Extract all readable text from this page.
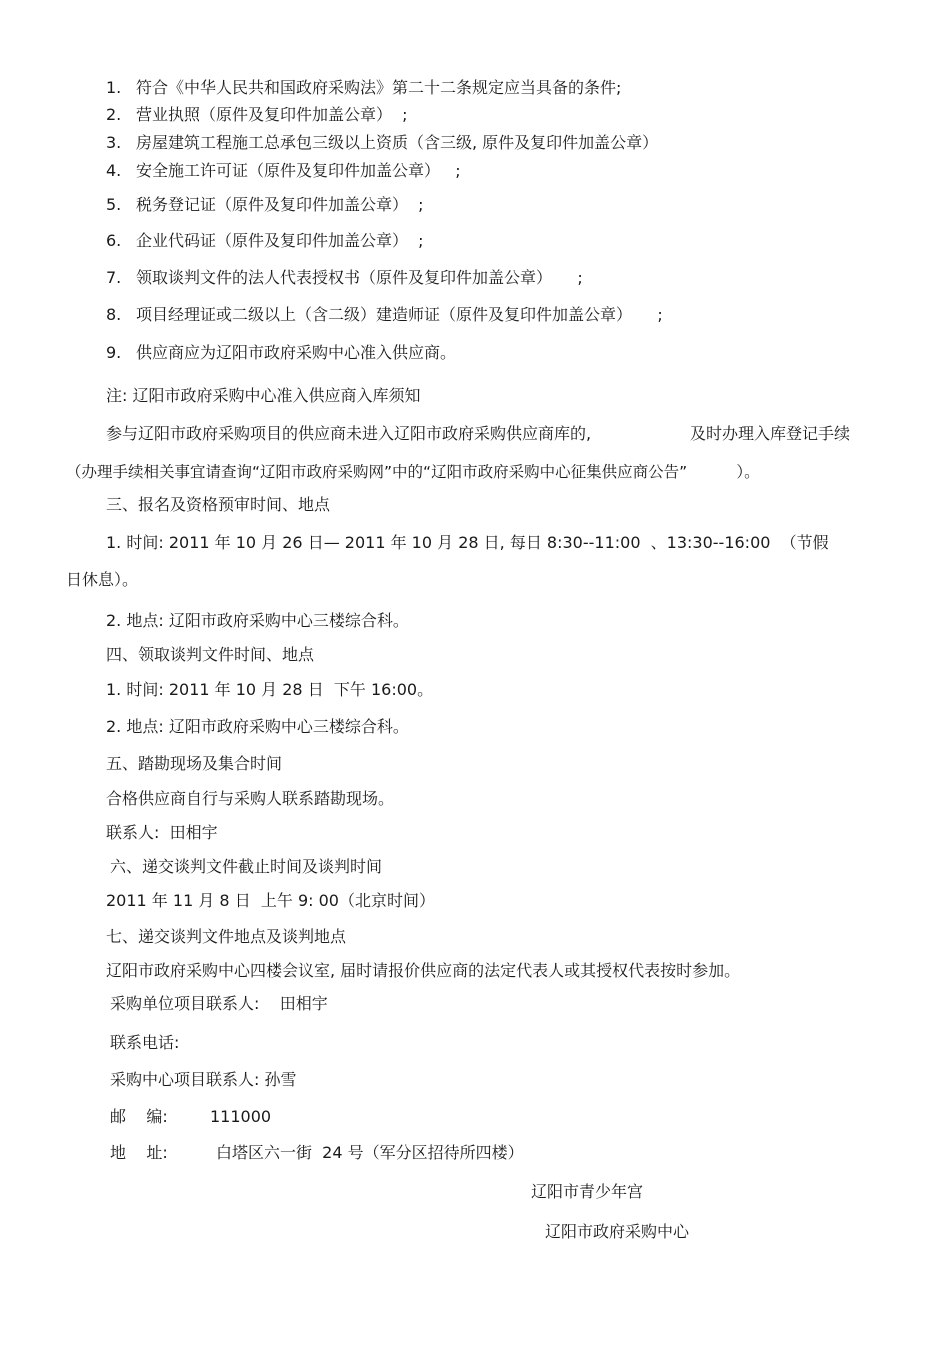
1. 符合《中华人民共和国政府采购法》第二十二条规定应当具备的条件;
2. 营业执照（原件及复印件加盖公章）  ;
3. 房屋建筑工程施工总承包三级以上资质（含三级, 原件及复印件加盖公章）
4. 安全施工许可证（原件及复印件加盖公章）   ;
5. 税务登记证（原件及复印件加盖公章）  ;
6. 企业代码证（原件及复印件加盖公章）  ;
7. 领取谈判文件的法人代表授权书（原件及复印件加盖公章）     ;
8. 项目经理证或二级以上（含二级）建造师证（原件及复印件加盖公章）     ;
9. 供应商应为辽阳市政府采购中心准入供应商。
注: 辽阳市政府采购中心准入供应商入库须知
参与辽阳市政府采购项目的供应商未进入辽阳市政府采购供应商库的,	及时办理入库登记手续
（办理手续相关事宜请查询“辽阳市政府采购网”中的“辽阳市政府采购中心征集供应商公告”          ）。
三、报名及资格预审时间、地点
1. 时间: 2011 年 10 月 26 日— 2011 年 10 月 28 日, 每日 8:30--11:00  、13:30--16:00  （节假
日休息）。
2. 地点: 辽阳市政府采购中心三楼综合科。
四、领取谈判文件时间、地点
1. 时间: 2011 年 10 月 28 日  下午 16:00。
2. 地点: 辽阳市政府采购中心三楼综合科。
五、踏勘现场及集合时间
合格供应商自行与采购人联系踏勘现场。
联系人:  田相宇
六、递交谈判文件截止时间及谈判时间
2011 年 11 月 8 日  上午 9: 00（北京时间）
七、递交谈判文件地点及谈判地点
辽阳市政府采购中心四楼会议室, 届时请报价供应商的法定代表人或其授权代表按时参加。
采购单位项目联系人:    田相宇
联系电话:
采购中心项目联系人: 孙雪
邮    编:	111000
地    址:	白塔区六一街  24 号（军分区招待所四楼）
辽阳市青少年宫
辽阳市政府采购中心
